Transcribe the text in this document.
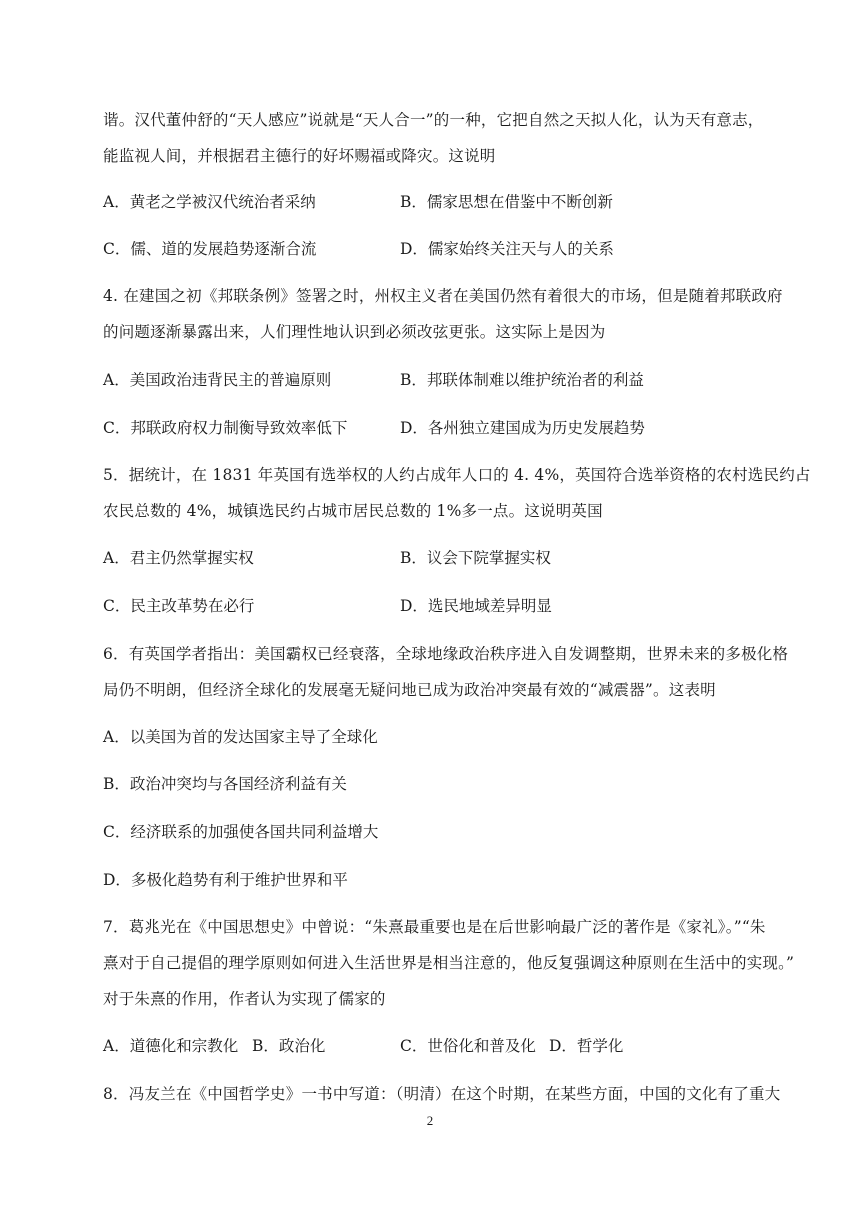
谐。汉代董仲舒的“天人感应”说就是“天人合一”的一种，它把自然之天拟人化，认为天有意志，
能监视人间，并根据君主德行的好坏赐福或降灾。这说明
A．黄老之学被汉代统治者采纳	B．儒家思想在借鉴中不断创新
C．儒、道的发展趋势逐渐合流	D．儒家始终关注天与人的关系
4. 在建国之初《邦联条例》签署之时，州权主义者在美国仍然有着很大的市场，但是随着邦联政府
的问题逐渐暴露出来，人们理性地认识到必须改弦更张。这实际上是因为
A．美国政治违背民主的普遍原则	B．邦联体制难以维护统治者的利益
C．邦联政府权力制衡导致效率低下	D．各州独立建国成为历史发展趋势
5．据统计，在 1831 年英国有选举权的人约占成年人口的 4. 4%，英国符合选举资格的农村选民约占
农民总数的 4%，城镇选民约占城市居民总数的 1%多一点。这说明英国
A．君主仍然掌握实权	B．议会下院掌握实权
C．民主改革势在必行	D．选民地域差异明显
6．有英国学者指出：美国霸权已经衰落，全球地缘政治秩序进入自发调整期，世界未来的多极化格
局仍不明朗，但经济全球化的发展毫无疑问地已成为政治冲突最有效的“减震器”。这表明
A．以美国为首的发达国家主导了全球化
B．政治冲突均与各国经济利益有关
C．经济联系的加强使各国共同利益增大
D．多极化趋势有利于维护世界和平
7．葛兆光在《中国思想史》中曾说：“朱熹最重要也是在后世影响最广泛的著作是《家礼》。”“朱
熹对于自己提倡的理学原则如何进入生活世界是相当注意的，他反复强调这种原则在生活中的实现。”
对于朱熹的作用，作者认为实现了儒家的
A．道德化和宗教化 B．政治化	C．世俗化和普及化 D．哲学化
8．冯友兰在《中国哲学史》一书中写道：（明清）在这个时期，在某些方面，中国的文化有了重大
2
